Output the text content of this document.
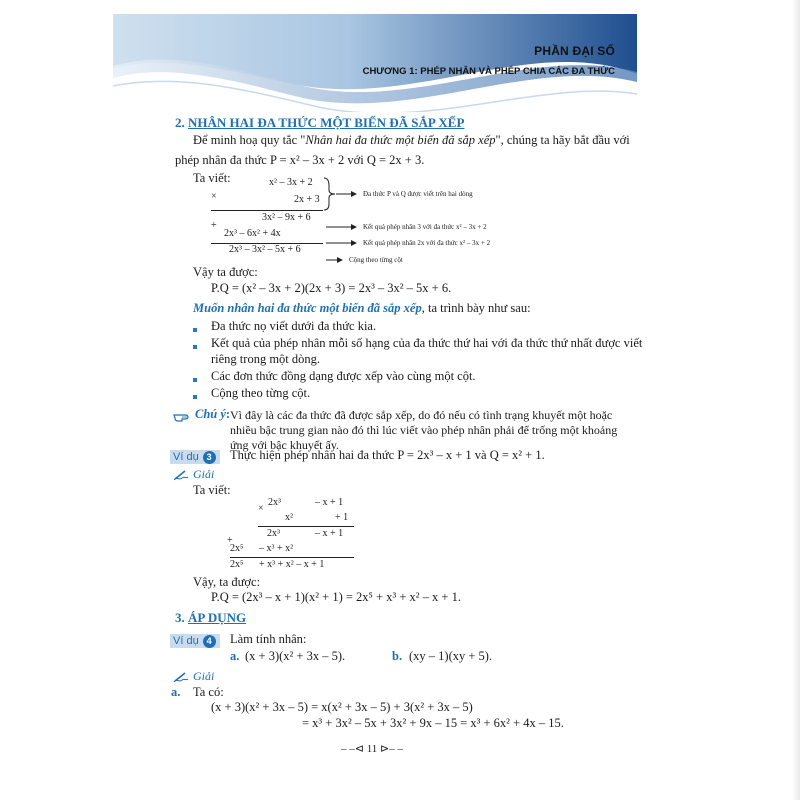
PHẦN ĐẠI SỐ
CHƯƠNG 1: PHÉP NHÂN VÀ PHÉP CHIA CÁC ĐA THỨC
2. NHÂN HAI ĐA THỨC MỘT BIẾN ĐÃ SẮP XẾP
Để minh hoạ quy tắc "Nhân hai đa thức một biến đã sắp xếp", chúng ta hãy bắt đầu với
phép nhân đa thức P = x² – 3x + 2 với Q = 2x + 3.
Ta viết:
×
x² – 3x + 2
2x + 3
3x² – 9x + 6
+
2x³ – 6x² + 4x
2x³ – 3x² – 5x + 6
Đa thức P và Q được viết trên hai dòng
Kết quả phép nhân 3 với đa thức x² – 3x + 2
Kết quả phép nhân 2x với đa thức x² – 3x + 2
Cộng theo từng cột
Vậy ta được:
P.Q = (x² – 3x + 2)(2x + 3) = 2x³ – 3x² – 5x + 6.
Muốn nhân hai đa thức một biến đã sắp xếp, ta trình bày như sau:
Đa thức nọ viết dưới đa thức kia.
Kết quả của phép nhân mỗi số hạng của đa thức thứ hai với đa thức thứ nhất được viết
riêng trong một dòng.
Các đơn thức đồng dạng được xếp vào cùng một cột.
Cộng theo từng cột.
Chú ý: Vì đây là các đa thức đã được sắp xếp, do đó nếu có tình trạng khuyết một hoặc
nhiều bậc trung gian nào đó thì lúc viết vào phép nhân phải để trống một khoảng
ứng với bậc khuyết ấy.
Ví dụ 3	Thực hiện phép nhân hai đa thức P = 2x³ – x + 1 và Q = x² + 1.
Giải
Ta viết:
×
2x³	– x + 1
x²	+ 1
2x³	– x + 1
+
2x⁵ – x³ + x²
2x⁵ + x³ + x² – x + 1
Vậy, ta được:
P.Q = (2x³ – x + 1)(x² + 1) = 2x⁵ + x³ + x² – x + 1.
3. ÁP DỤNG
Ví dụ 4	Làm tính nhân:
a. (x + 3)(x² + 3x – 5).	b. (xy – 1)(xy + 5).
Giải
a. Ta có:
(x + 3)(x² + 3x – 5) = x(x² + 3x – 5) + 3(x² + 3x – 5)
= x³ + 3x² – 5x + 3x² + 9x – 15 = x³ + 6x² + 4x – 15.
– –⊲ 11 ⊳– –
